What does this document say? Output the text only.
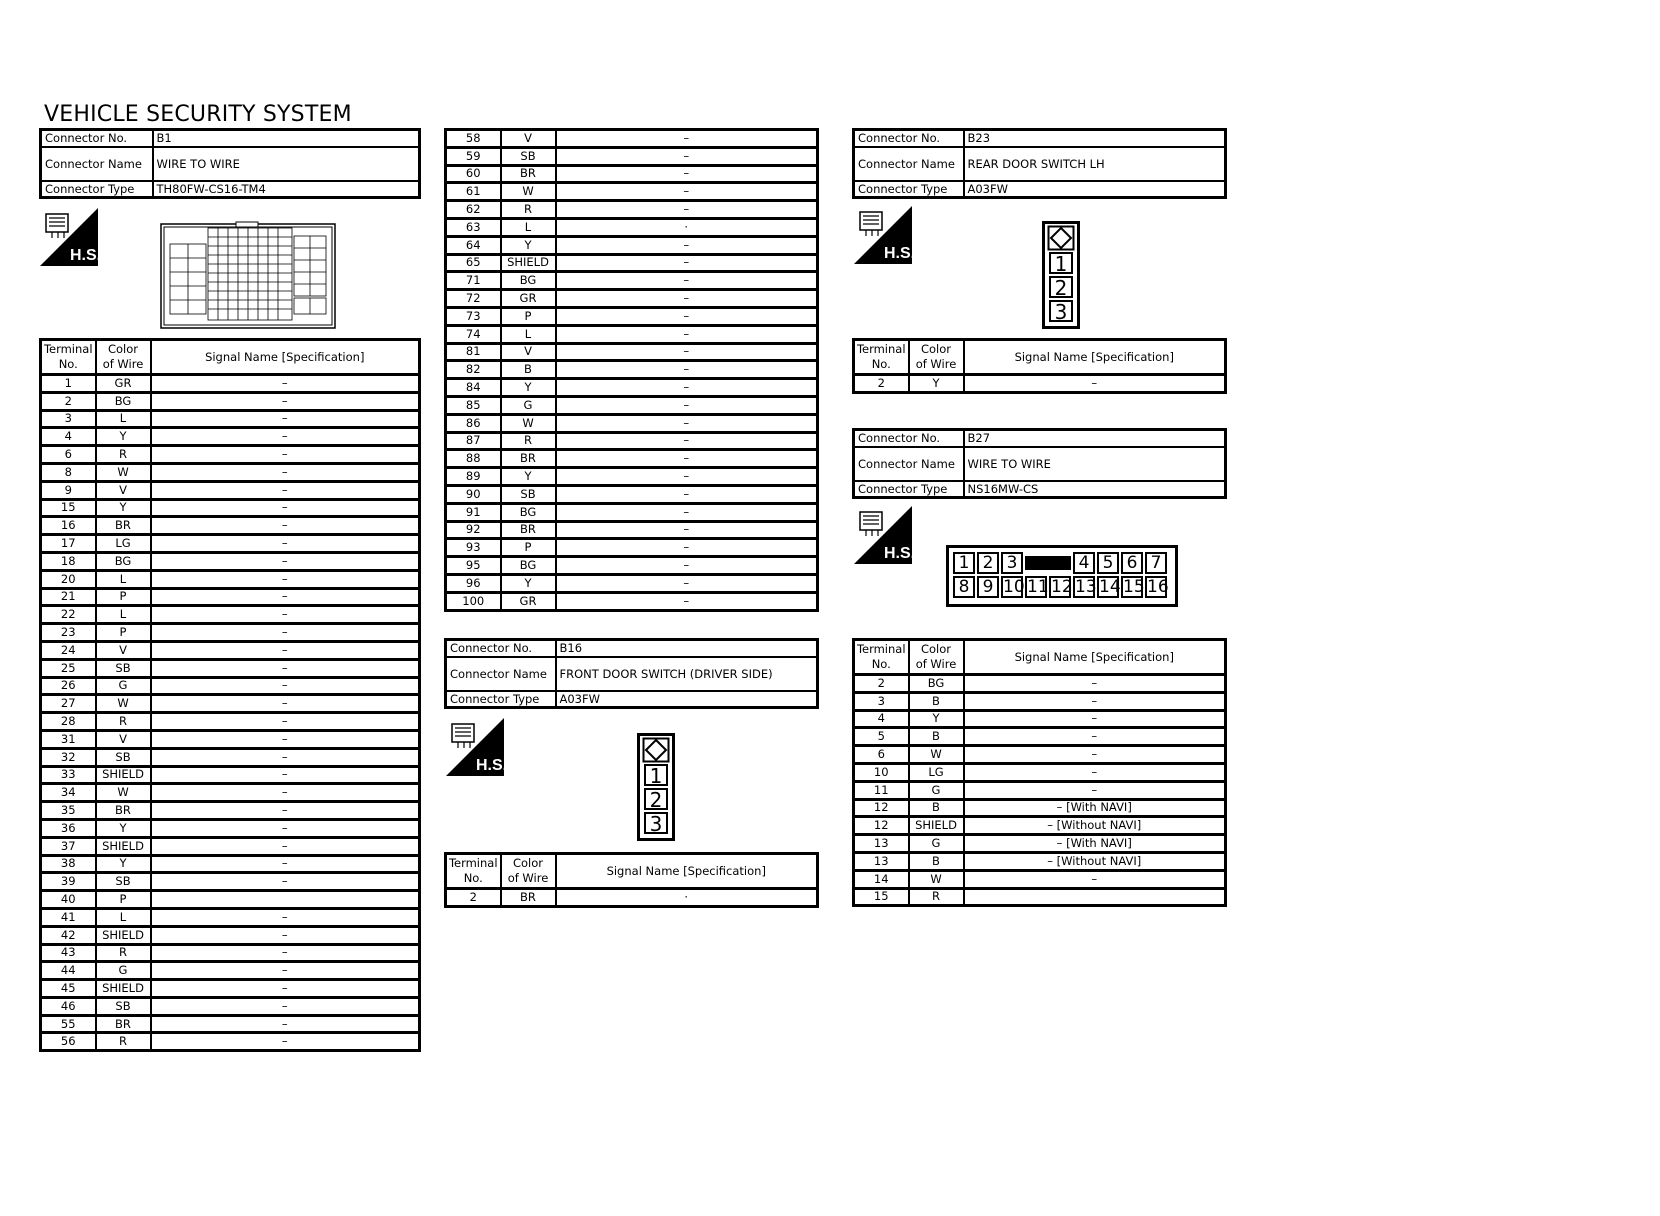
VEHICLE SECURITY SYSTEM
Connector No.	B1
Connector Name	WIRE TO WIRE
Connector Type	TH80FW-CS16-TM4
H.S.
Terminal
No.	Color
of Wire	Signal Name [Specification]
1	GR	–
2	BG	–
3	L	–
4	Y	–
6	R	–
8	W	–
9	V	–
15	Y	–
16	BR	–
17	LG	–
18	BG	–
20	L	–
21	P	–
22	L	–
23	P	–
24	V	–
25	SB	–
26	G	–
27	W	–
28	R	–
31	V	–
32	SB	–
33	SHIELD	–
34	W	–
35	BR	–
36	Y	–
37	SHIELD	–
38	Y	–
39	SB	–
40	P	
41	L	–
42	SHIELD	–
43	R	–
44	G	–
45	SHIELD	–
46	SB	–
55	BR	–
56	R	–
58	V	–
59	SB	–
60	BR	–
61	W	–
62	R	–
63	L	·
64	Y	–
65	SHIELD	–
71	BG	–
72	GR	–
73	P	–
74	L	–
81	V	–
82	B	–
84	Y	–
85	G	–
86	W	–
87	R	–
88	BR	–
89	Y	–
90	SB	–
91	BG	–
92	BR	–
93	P	–
95	BG	–
96	Y	–
100	GR	–
Connector No.	B16
Connector Name	FRONT DOOR SWITCH (DRIVER SIDE)
Connector Type	A03FW
H.S.	1
2
3
Terminal
No.	Color
of Wire	Signal Name [Specification]
2	BR	·
Connector No.	B23
Connector Name	REAR DOOR SWITCH LH
Connector Type	A03FW
H.S.	1
2
3
Terminal
No.	Color
of Wire	Signal Name [Specification]
2	Y	–
Connector No.	B27
Connector Name	WIRE TO WIRE
Connector Type	NS16MW-CS
H.S.	1 2 3	4 5 6 7
8 9 10 11 12 13 14 15 16
Terminal
No.	Color
of Wire	Signal Name [Specification]
2	BG	–
3	B	–
4	Y	–
5	B	–
6	W	–
10	LG	–
11	G	–
12	B	– [With NAVI]
12	SHIELD	– [Without NAVI]
13	G	– [With NAVI]
13	B	– [Without NAVI]
14	W	–
15	R	
